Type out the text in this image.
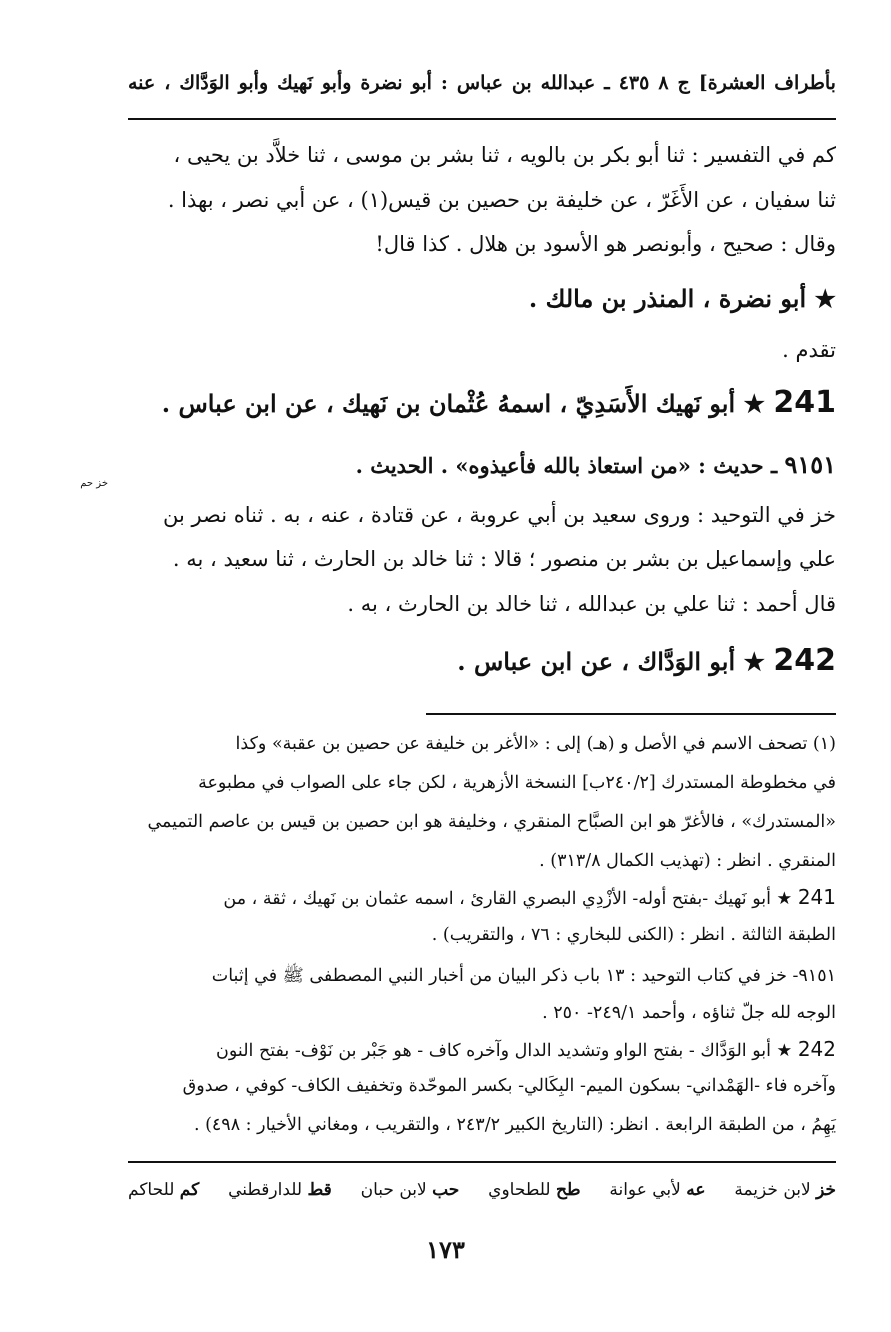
بأطراف العشرة] ج ٨ ٤٣٥ ـ عبدالله بن عباس : أبو نضرة وأبو نَهيك وأبو الوَدَّاك ، عنه
كم في التفسير : ثنا أبو بكر بن بالويه ، ثنا بشر بن موسى ، ثنا خلاَّد بن يحيى ،
ثنا سفيان ، عن الأَغَرّ ، عن خليفة بن حصين بن قيس(١) ، عن أبي نصر ، بهذا .
وقال : صحيح ، وأبونصر هو الأسود بن هلال . كذا قال!
★ أبو نضرة ، المنذر بن مالك .
تقدم .
241 ★ أبو نَهيك الأَسَدِيّ ، اسمهُ عُثْمان بن نَهيك ، عن ابن عباس .
٩١٥١ ـ حديث : «من استعاذ بالله فأعيذوه» . الحديث .
خز حم
خز في التوحيد : وروى سعيد بن أبي عروبة ، عن قتادة ، عنه ، به . ثناه نصر بن
علي وإسماعيل بن بشر بن منصور ؛ قالا : ثنا خالد بن الحارث ، ثنا سعيد ، به .
قال أحمد : ثنا علي بن عبدالله ، ثنا خالد بن الحارث ، به .
242 ★ أبو الوَدَّاك ، عن ابن عباس .
(١) تصحف الاسم في الأصل و (هـ) إلى : «الأغر بن خليفة عن حصين بن عقبة» وكذا
في مخطوطة المستدرك [٢٤٠/٢ب] النسخة الأزهرية ، لكن جاء على الصواب في مطبوعة
«المستدرك» ، فالأغرّ هو ابن الصبَّاح المنقري ، وخليفة هو ابن حصين بن قيس بن عاصم التميمي
المنقري . انظر : (تهذيب الكمال ٣١٣/٨) .
241 ★ أبو نَهيك -بفتح أوله- الأزْدِي البصري القارئ ، اسمه عثمان بن نَهيك ، ثقة ، من
الطبقة الثالثة . انظر : (الكنى للبخاري : ٧٦ ، والتقريب) .
٩١٥١- خز في كتاب التوحيد : ١٣ باب ذكر البيان من أخبار النبي المصطفى ﷺ في إثبات
الوجه لله جلّ ثناؤه ، وأحمد ٢٤٩/١- ٢٥٠ .
242 ★ أبو الوَدَّاك - بفتح الواو وتشديد الدال وآخره كاف - هو جَبْر بن نَوْف- بفتح النون
وآخره فاء -الهَمْداني- بسكون الميم- البِكَالي- بكسر الموحّدة وتخفيف الكاف- كوفي ، صدوق
يَهِمُ ، من الطبقة الرابعة . انظر: (التاريخ الكبير ٢٤٣/٢ ، والتقريب ، ومغاني الأخيار : ٤٩٨) .
خز لابن خزيمة
عه لأبي عوانة
طح للطحاوي
حب لابن حبان
قط للدارقطني
كم للحاكم
١٧٣
